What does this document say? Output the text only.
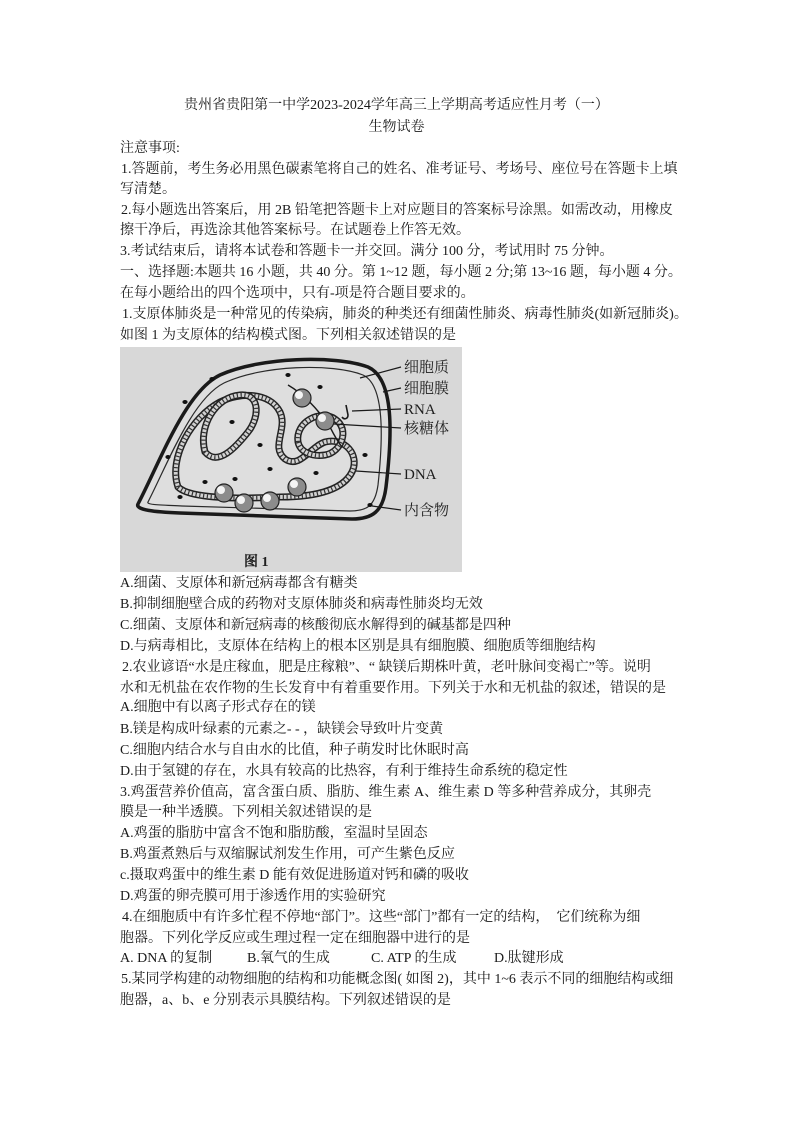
贵州省贵阳第一中学2023-2024学年高三上学期高考适应性月考（一）
生物试卷
注意事项:
1.答题前，考生务必用黑色碳素笔将自己的姓名、准考证号、考场号、座位号在答题卡上填
写清楚。
2.每小题选出答案后，用 2B 铅笔把答题卡上对应题目的答案标号涂黑。如需改动，用橡皮
擦干净后，再选涂其他答案标号。在试题卷上作答无效。
3.考试结束后，请将本试卷和答题卡一并交回。满分 100 分，考试用时 75 分钟。
一、选择题:本题共 16 小题，共 40 分。第 1~12 题，每小题 2 分;第 13~16 题，每小题 4 分。
在每小题给出的四个选项中，只有-项是符合题目要求的。
1.支原体肺炎是一种常见的传染病，肺炎的种类还有细菌性肺炎、病毒性肺炎(如新冠肺炎)。
如图 1 为支原体的结构模式图。下列相关叙述错误的是
细胞质
细胞膜
RNA
核糖体
DNA
内含物
图 1
A.细菌、支原体和新冠病毒都含有糖类
B.抑制细胞壁合成的药物对支原体肺炎和病毒性肺炎均无效
C.细菌、支原体和新冠病毒的核酸彻底水解得到的碱基都是四种
D.与病毒相比，支原体在结构上的根本区别是具有细胞膜、细胞质等细胞结构
2.农业谚语“水是庄稼血，肥是庄稼粮”、“ 缺镁后期株叶黄，老叶脉间变褐亡”等。说明
水和无机盐在农作物的生长发育中有着重要作用。下列关于水和无机盐的叙述，错误的是
A.细胞中有以离子形式存在的镁
B.镁是构成叶绿素的元素之- - ，缺镁会导致叶片变黄
C.细胞内结合水与自由水的比值，种子萌发时比休眠时高
D.由于氢键的存在，水具有较高的比热容，有利于维持生命系统的稳定性
3.鸡蛋营养价值高，富含蛋白质、脂肪、维生素 A、维生素 D 等多种营养成分，其卵壳
膜是一种半透膜。下列相关叙述错误的是
A.鸡蛋的脂肪中富含不饱和脂肪酸，室温时呈固态
B.鸡蛋煮熟后与双缩脲试剂发生作用，可产生紫色反应
c.摄取鸡蛋中的维生素 D 能有效促进肠道对钙和磷的吸收
D.鸡蛋的卵壳膜可用于渗透作用的实验研究
4.在细胞质中有许多忙程不停地“部门”。这些“部门”都有一定的结构，  它们统称为细
胞器。下列化学反应或生理过程一定在细胞器中进行的是
A. DNA 的复制 B.氧气的生成	C. ATP 的生成	D.肽键形成
5.某同学构建的动物细胞的结构和功能概念图( 如图 2)，其中 1~6 表示不同的细胞结构或细
胞器，a、b、e 分别表示具膜结构。下列叙述错误的是
